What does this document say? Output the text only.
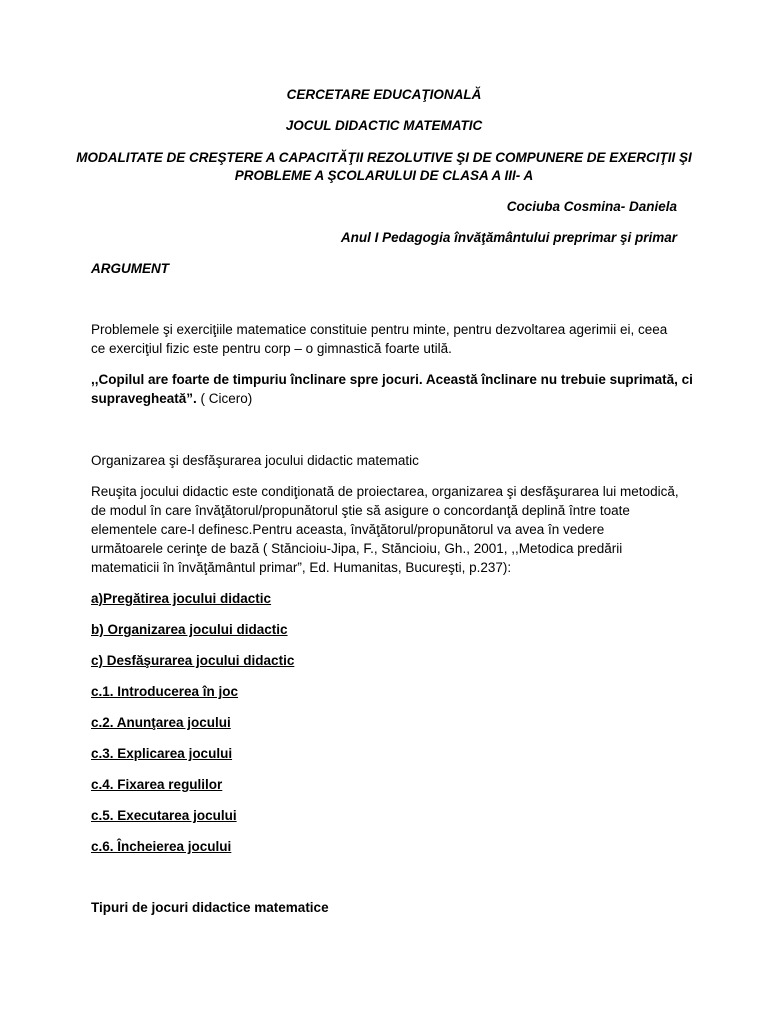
CERCETARE EDUCAŢIONALĂ
JOCUL DIDACTIC MATEMATIC
MODALITATE DE CREŞTERE A CAPACITĂŢII REZOLUTIVE ŞI DE COMPUNERE DE EXERCIŢII ŞI
PROBLEME A ŞCOLARULUI DE CLASA A III- A
Cociuba Cosmina- Daniela
Anul I Pedagogia învăţământului preprimar şi primar
ARGUMENT
Problemele şi exerciţiile matematice constituie pentru minte, pentru dezvoltarea agerimii ei, ceea
ce exerciţiul fizic este pentru corp – o gimnastică foarte utilă.
,,Copilul are foarte de timpuriu înclinare spre jocuri. Această înclinare nu trebuie suprimată, ci
supravegheată”. ( Cicero)
Organizarea şi desfăşurarea jocului didactic matematic
Reuşita jocului didactic este condiţionată de proiectarea, organizarea şi desfăşurarea lui metodică,
de modul în care învăţătorul/propunătorul ştie să asigure o concordanţă deplină între toate
elementele care-l definesc.Pentru aceasta, învăţătorul/propunătorul va avea în vedere
următoarele cerinţe de bază ( Stăncioiu-Jipa, F., Stăncioiu, Gh., 2001, ,,Metodica predării
matematicii în învăţământul primar”, Ed. Humanitas, Bucureşti, p.237):
a)Pregătirea jocului didactic
b) Organizarea jocului didactic
c) Desfăşurarea jocului didactic
c.1. Introducerea în joc
c.2. Anunţarea jocului
c.3. Explicarea jocului
c.4. Fixarea regulilor
c.5. Executarea jocului
c.6. Încheierea jocului
Tipuri de jocuri didactice matematice
